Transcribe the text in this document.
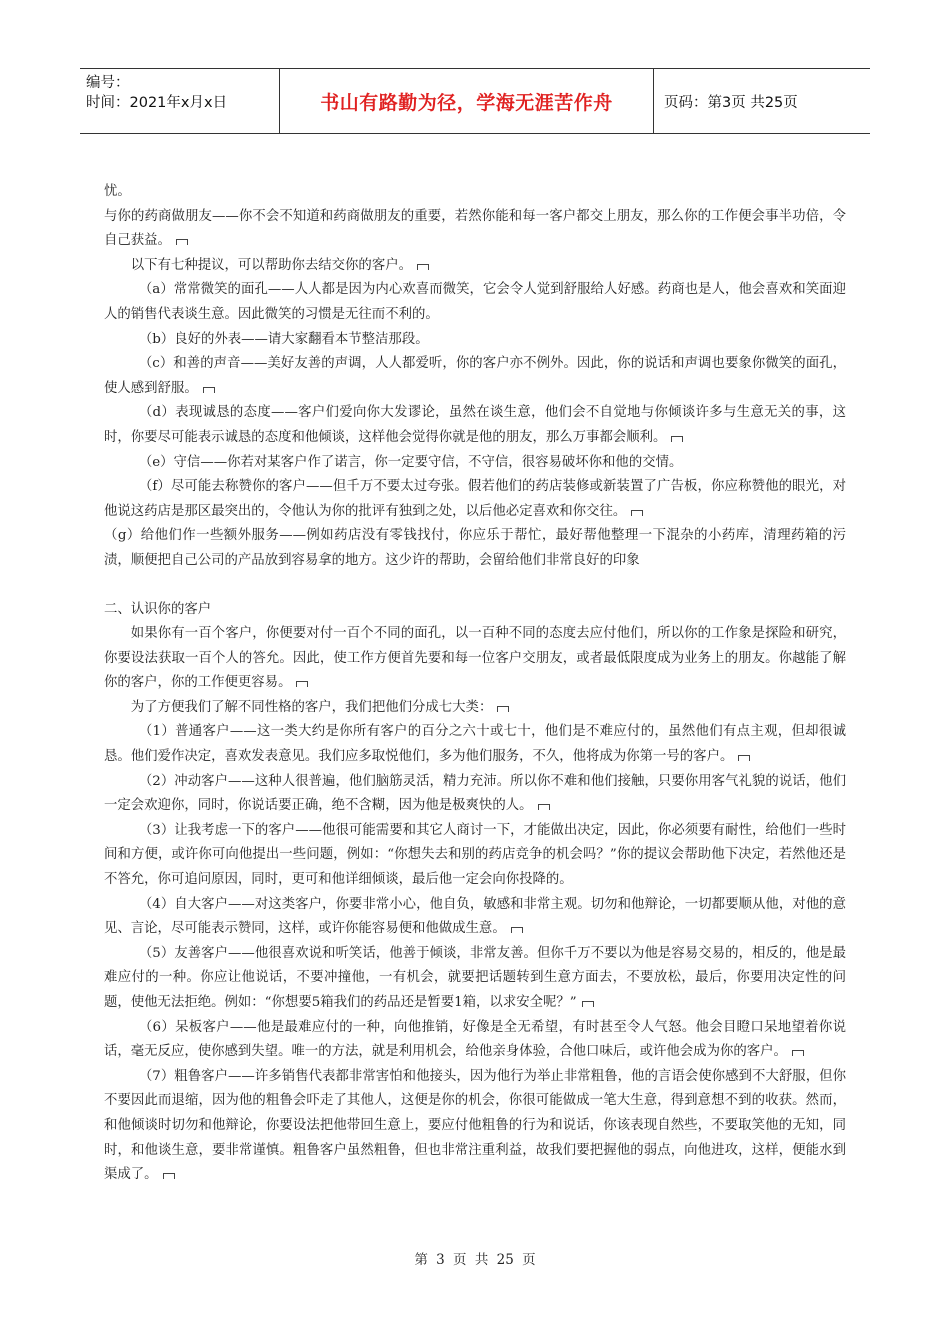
编号：
时间：2021年x月x日	书山有路勤为径，学海无涯苦作舟	页码：第3页 共25页

忧。

与你的药商做朋友——你不会不知道和药商做朋友的重要，若然你能和每一客户都交上朋友，那么你的工作便会事半功倍，令自己获益。

以下有七种提议，可以帮助你去结交你的客户。

（a）常常微笑的面孔——人人都是因为内心欢喜而微笑，它会令人觉到舒服给人好感。药商也是人，他会喜欢和笑面迎人的销售代表谈生意。因此微笑的习惯是无往而不利的。

（b）良好的外表——请大家翻看本节整洁那段。

（c）和善的声音——美好友善的声调，人人都爱听，你的客户亦不例外。因此，你的说话和声调也要象你微笑的面孔，使人感到舒服。

（d）表现诚恳的态度——客户们爱向你大发谬论，虽然在谈生意，他们会不自觉地与你倾谈许多与生意无关的事，这时，你要尽可能表示诚恳的态度和他倾谈，这样他会觉得你就是他的朋友，那么万事都会顺利。

（e）守信——你若对某客户作了诺言，你一定要守信，不守信，很容易破坏你和他的交情。

（f）尽可能去称赞你的客户——但千万不要太过夸张。假若他们的药店装修或新装置了广告板，你应称赞他的眼光，对他说这药店是那区最突出的，令他认为你的批评有独到之处，以后他必定喜欢和你交往。

（g）给他们作一些额外服务——例如药店没有零钱找付，你应乐于帮忙，最好帮他整理一下混杂的小药库，清理药箱的污渍，顺便把自己公司的产品放到容易拿的地方。这少许的帮助，会留给他们非常良好的印象

二、认识你的客户

如果你有一百个客户，你便要对付一百个不同的面孔，以一百种不同的态度去应付他们，所以你的工作象是探险和研究，你要设法获取一百个人的答允。因此，使工作方便首先要和每一位客户交朋友，或者最低限度成为业务上的朋友。你越能了解你的客户，你的工作便更容易。

为了方便我们了解不同性格的客户，我们把他们分成七大类：

（1）普通客户——这一类大约是你所有客户的百分之六十或七十，他们是不难应付的，虽然他们有点主观，但却很诚恳。他们爱作决定，喜欢发表意见。我们应多取悦他们，多为他们服务，不久，他将成为你第一号的客户。

（2）冲动客户——这种人很普遍，他们脑筋灵活，精力充沛。所以你不难和他们接触，只要你用客气礼貌的说话，他们一定会欢迎你，同时，你说话要正确，绝不含糊，因为他是极爽快的人。

（3）让我考虑一下的客户——他很可能需要和其它人商讨一下，才能做出决定，因此，你必须要有耐性，给他们一些时间和方便，或许你可向他提出一些问题，例如：“你想失去和别的药店竞争的机会吗？”你的提议会帮助他下决定，若然他还是不答允，你可追问原因，同时，更可和他详细倾谈，最后他一定会向你投降的。

（4）自大客户——对这类客户，你要非常小心，他自负，敏感和非常主观。切勿和他辩论，一切都要顺从他，对他的意见、言论，尽可能表示赞同，这样，或许你能容易便和他做成生意。

（5）友善客户——他很喜欢说和听笑话，他善于倾谈，非常友善。但你千万不要以为他是容易交易的，相反的，他是最难应付的一种。你应让他说话，不要冲撞他，一有机会，就要把话题转到生意方面去，不要放松，最后，你要用决定性的问题，使他无法拒绝。例如：“你想要5箱我们的药品还是暂要1箱，以求安全呢？”

（6）呆板客户——他是最难应付的一种，向他推销，好像是全无希望，有时甚至令人气怒。他会目瞪口呆地望着你说话，毫无反应，使你感到失望。唯一的方法，就是利用机会，给他亲身体验，合他口味后，或许他会成为你的客户。

（7）粗鲁客户——许多销售代表都非常害怕和他接头，因为他行为举止非常粗鲁，他的言语会使你感到不大舒服，但你不要因此而退缩，因为他的粗鲁会吓走了其他人，这便是你的机会，你很可能做成一笔大生意，得到意想不到的收获。然而，和他倾谈时切勿和他辩论，你要设法把他带回生意上，要应付他粗鲁的行为和说话，你该表现自然些，不要取笑他的无知，同时，和他谈生意，要非常谨慎。粗鲁客户虽然粗鲁，但也非常注重利益，故我们要把握他的弱点，向他进攻，这样，便能水到渠成了。

第 3 页 共 25 页
